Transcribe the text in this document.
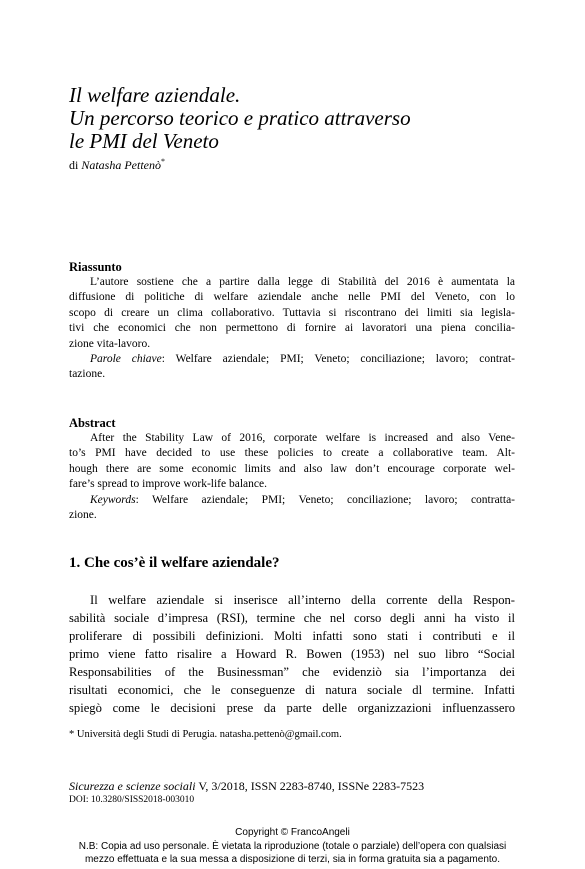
Il welfare aziendale.
Un percorso teorico e pratico attraverso
le PMI del Veneto
di Natasha Pettenò*
Riassunto
L’autore sostiene che a partire dalla legge di Stabilità del 2016 è aumentata la
diffusione di politiche di welfare aziendale anche nelle PMI del Veneto, con lo
scopo di creare un clima collaborativo. Tuttavia si riscontrano dei limiti sia legisla-
tivi che economici che non permettono di fornire ai lavoratori una piena concilia-
zione vita-lavoro.
Parole chiave: Welfare aziendale; PMI; Veneto; conciliazione; lavoro; contrat-
tazione.
Abstract
After the Stability Law of 2016, corporate welfare is increased and also Vene-
to’s PMI have decided to use these policies to create a collaborative team. Alt-
hough there are some economic limits and also law don’t encourage corporate wel-
fare’s spread to improve work-life balance.
Keywords: Welfare aziendale; PMI; Veneto; conciliazione; lavoro; contratta-
zione.
1. Che cos’è il welfare aziendale?
Il welfare aziendale si inserisce all’interno della corrente della Respon-
sabilità sociale d’impresa (RSI), termine che nel corso degli anni ha visto il
proliferare di possibili definizioni. Molti infatti sono stati i contributi e il
primo viene fatto risalire a Howard R. Bowen (1953) nel suo libro “Social
Responsabilities of the Businessman” che evidenziò sia l’importanza dei
risultati economici, che le conseguenze di natura sociale dl termine. Infatti
spiegò come le decisioni prese da parte delle organizzazioni influenzassero
* Università degli Studi di Perugia. natasha.pettenò@gmail.com.
Sicurezza e scienze sociali V, 3/2018, ISSN 2283-8740, ISSNe 2283-7523
DOI: 10.3280/SISS2018-003010
Copyright © FrancoAngeli
N.B: Copia ad uso personale. È vietata la riproduzione (totale o parziale) dell’opera con qualsiasi
mezzo effettuata e la sua messa a disposizione di terzi, sia in forma gratuita sia a pagamento.
